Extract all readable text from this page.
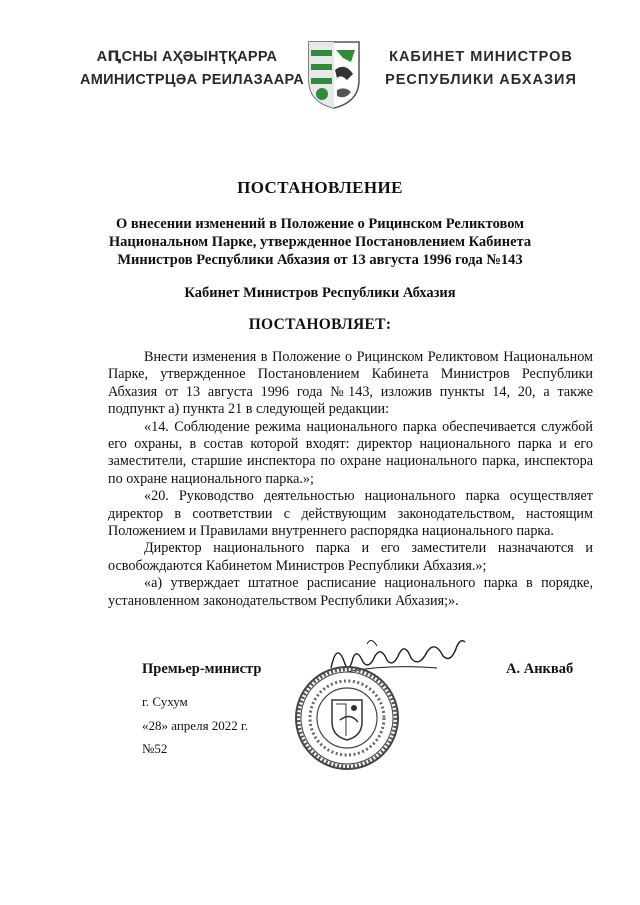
АԤСНЫ АҲӘЫНҬҚАРРА
АМИНИСТРЦӘА РЕИЛАЗААРА
КАБИНЕТ МИНИСТРОВ
РЕСПУБЛИКИ АБХАЗИЯ
ПОСТАНОВЛЕНИЕ
О внесении изменений в Положение о Рицинском Реликтовом
Национальном Парке, утвержденное Постановлением Кабинета
Министров Республики Абхазия от 13 августа 1996 года №143
Кабинет Министров Республики Абхазия
ПОСТАНОВЛЯЕТ:

Внести изменения в Положение о Рицинском Реликтовом Национальном Парке, утвержденное Постановлением Кабинета Министров Республики Абхазия от 13 августа 1996 года №143, изложив пункты 14, 20, а также подпункт а) пункта 21 в следующей редакции:

«14. Соблюдение режима национального парка обеспечивается службой его охраны, в состав которой входят: директор национального парка и его заместители, старшие инспектора по охране национального парка, инспектора по охране национального парка.»;

«20. Руководство деятельностью национального парка осуществляет директор в соответствии с действующим законодательством, настоящим Положением и Правилами внутреннего распорядка национального парка.

Директор национального парка и его заместители назначаются и освобождаются Кабинетом Министров Республики Абхазия.»;

«а) утверждает штатное расписание национального парка в порядке, установленном законодательством Республики Абхазия;».

Премьер-министр	А. Анкваб
г. Сухум
«28» апреля 2022 г.
№52
